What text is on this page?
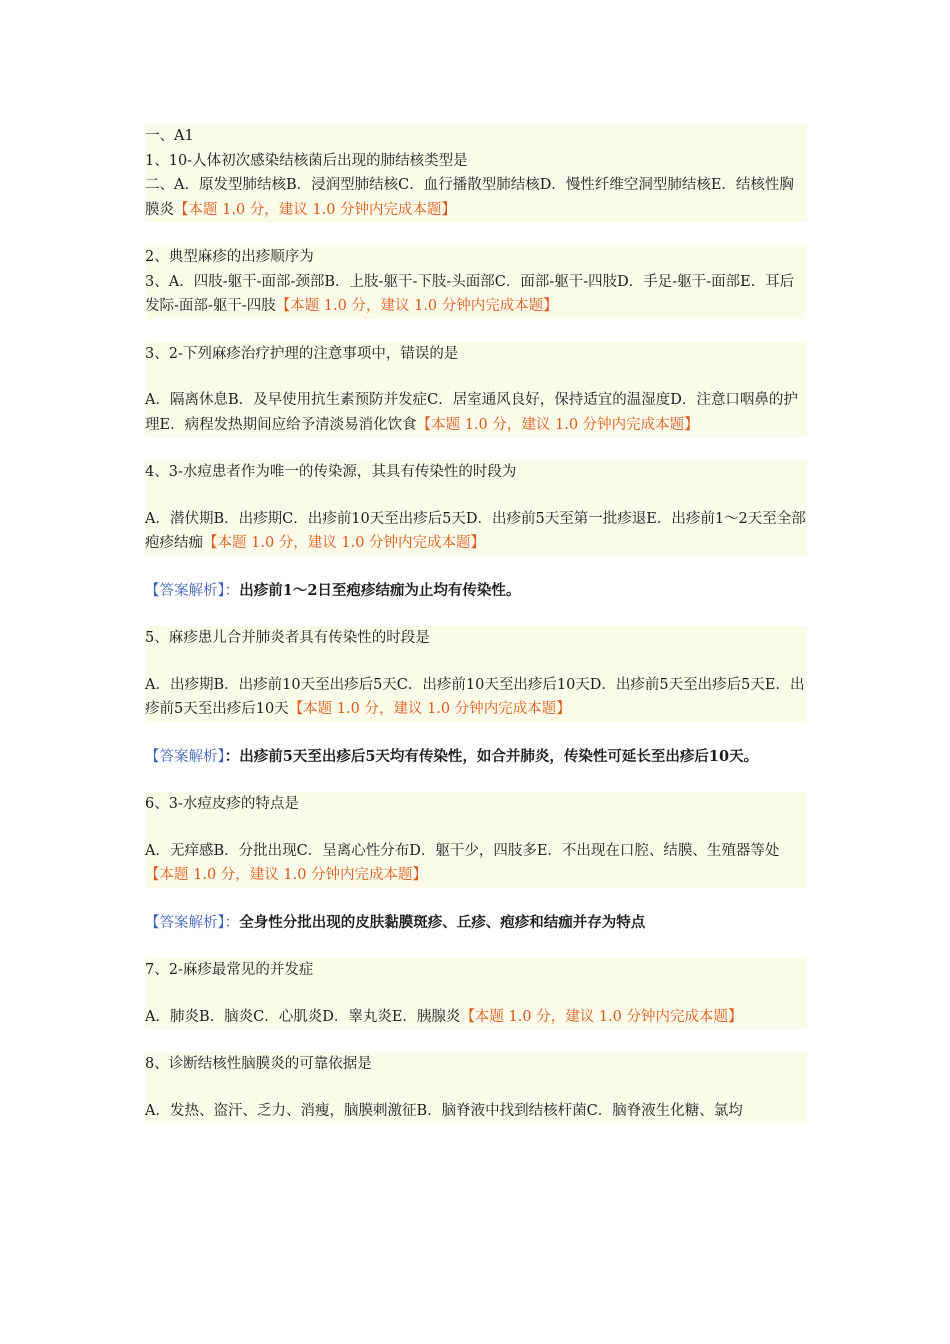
一、A1

1、10-人体初次感染结核菌后出现的肺结核类型是

二、A．原发型肺结核B．浸润型肺结核C．血行播散型肺结核D．慢性纤维空洞型肺结核E．结核性胸膜炎【本题 1.0 分，建议 1.0 分钟内完成本题】

2、典型麻疹的出疹顺序为

3、A．四肢-躯干-面部-颈部B．上肢-躯干-下肢-头面部C．面部-躯干-四肢D．手足-躯干-面部E．耳后发际-面部-躯干-四肢【本题 1.0 分，建议 1.0 分钟内完成本题】

3、2-下列麻疹治疗护理的注意事项中，错误的是

A．隔离休息B．及早使用抗生素预防并发症C．居室通风良好，保持适宜的温湿度D．注意口咽鼻的护理E．病程发热期间应给予清淡易消化饮食【本题 1.0 分，建议 1.0 分钟内完成本题】

4、3-水痘患者作为唯一的传染源，其具有传染性的时段为

A．潜伏期B．出疹期C．出疹前10天至出疹后5天D．出疹前5天至第一批疹退E．出疹前1～2天至全部疱疹结痂【本题 1.0 分，建议 1.0 分钟内完成本题】

【答案解析】：出疹前1～2日至疱疹结痂为止均有传染性。

5、麻疹患儿合并肺炎者具有传染性的时段是

A．出疹期B．出疹前10天至出疹后5天C．出疹前10天至出疹后10天D．出疹前5天至出疹后5天E．出疹前5天至出疹后10天【本题 1.0 分，建议 1.0 分钟内完成本题】

【答案解析】：出疹前5天至出疹后5天均有传染性，如合并肺炎，传染性可延长至出疹后10天。

6、3-水痘皮疹的特点是

A．无痒感B．分批出现C．呈离心性分布D．躯干少，四肢多E．不出现在口腔、结膜、生殖器等处【本题 1.0 分，建议 1.0 分钟内完成本题】

【答案解析】：全身性分批出现的皮肤黏膜斑疹、丘疹、疱疹和结痂并存为特点

7、2-麻疹最常见的并发症

A．肺炎B．脑炎C．心肌炎D．睾丸炎E．胰腺炎【本题 1.0 分，建议 1.0 分钟内完成本题】

8、诊断结核性脑膜炎的可靠依据是

A．发热、盗汗、乏力、消瘦，脑膜刺激征B．脑脊液中找到结核杆菌C．脑脊液生化糖、氯均
